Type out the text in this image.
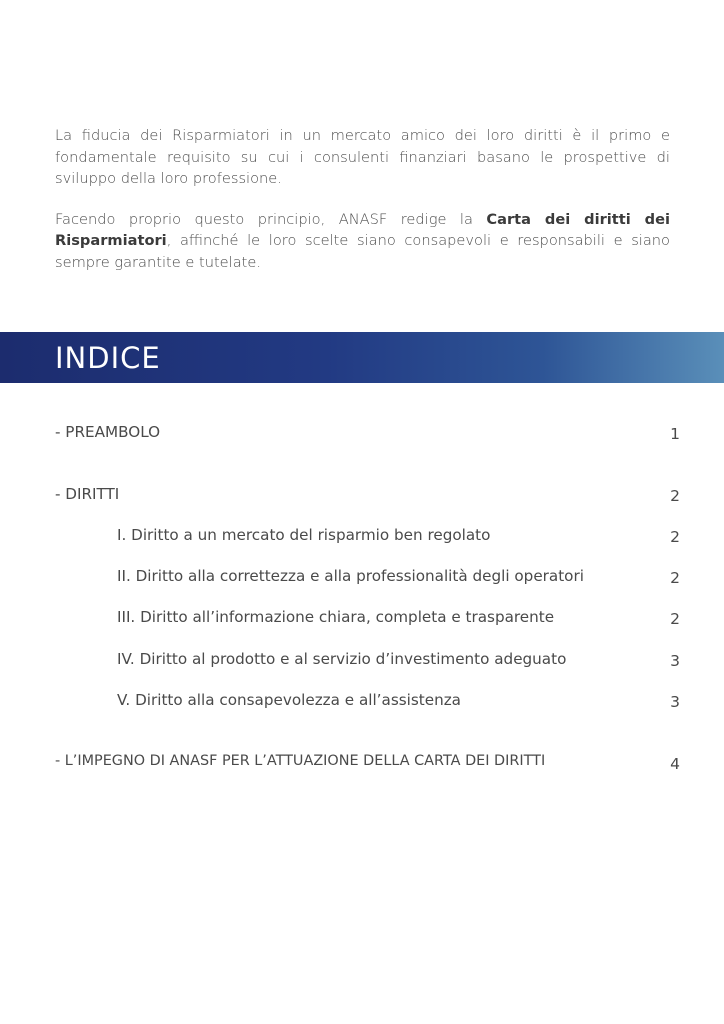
La fiducia dei Risparmiatori in un mercato amico dei loro diritti è il primo e fondamentale requisito su cui i consulenti finanziari basano le prospettive di sviluppo della loro professione.

Facendo proprio questo principio, ANASF redige la Carta dei diritti dei Risparmiatori, affinché le loro scelte siano consapevoli e responsabili e siano sempre garantite e tutelate.

INDICE
- PREAMBOLO	1
- DIRITTI	2
I. Diritto a un mercato del risparmio ben regolato	2
II. Diritto alla correttezza e alla professionalità degli operatori	2
III. Diritto all’informazione chiara, completa e trasparente	2
IV. Diritto al prodotto e al servizio d’investimento adeguato	3
V. Diritto alla consapevolezza e all’assistenza	3
- L’IMPEGNO DI ANASF PER L’ATTUAZIONE DELLA CARTA DEI DIRITTI	4
